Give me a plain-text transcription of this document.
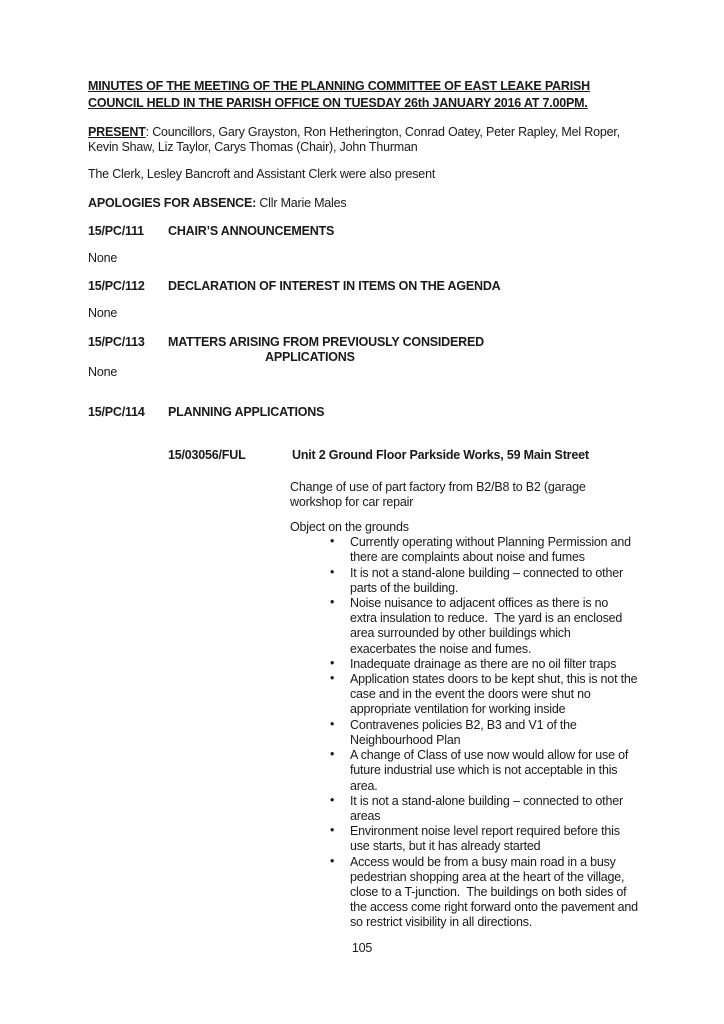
MINUTES OF THE MEETING OF THE PLANNING COMMITTEE OF EAST LEAKE PARISH
COUNCIL HELD IN THE PARISH OFFICE ON TUESDAY 26th JANUARY 2016 AT 7.00PM.

PRESENT: Councillors, Gary Grayston, Ron Hetherington, Conrad Oatey, Peter Rapley, Mel Roper, Kevin Shaw, Liz Taylor, Carys Thomas (Chair), John Thurman

The Clerk, Lesley Bancroft and Assistant Clerk were also present

APOLOGIES FOR ABSENCE: Cllr Marie Males

15/PC/111	CHAIR’S ANNOUNCEMENTS

None

15/PC/112	DECLARATION OF INTEREST IN ITEMS ON THE AGENDA

None

15/PC/113	MATTERS ARISING FROM PREVIOUSLY CONSIDERED
APPLICATIONS

None

15/PC/114	PLANNING APPLICATIONS
15/03056/FUL	Unit 2 Ground Floor Parkside Works, 59 Main Street

Change of use of part factory from B2/B8 to B2 (garage workshop for car repair

Object on the grounds

• Currently operating without Planning Permission and there are complaints about noise and fumes
• It is not a stand-alone building – connected to other parts of the building.
• Noise nuisance to adjacent offices as there is no extra insulation to reduce.  The yard is an enclosed area surrounded by other buildings which exacerbates the noise and fumes.
• Inadequate drainage as there are no oil filter traps
• Application states doors to be kept shut, this is not the case and in the event the doors were shut no appropriate ventilation for working inside
• Contravenes policies B2, B3 and V1 of the Neighbourhood Plan
• A change of Class of use now would allow for use of future industrial use which is not acceptable in this area.
• It is not a stand-alone building – connected to other areas
• Environment noise level report required before this use starts, but it has already started
• Access would be from a busy main road in a busy pedestrian shopping area at the heart of the village, close to a T-junction.  The buildings on both sides of the access come right forward onto the pavement and so restrict visibility in all directions.
105
